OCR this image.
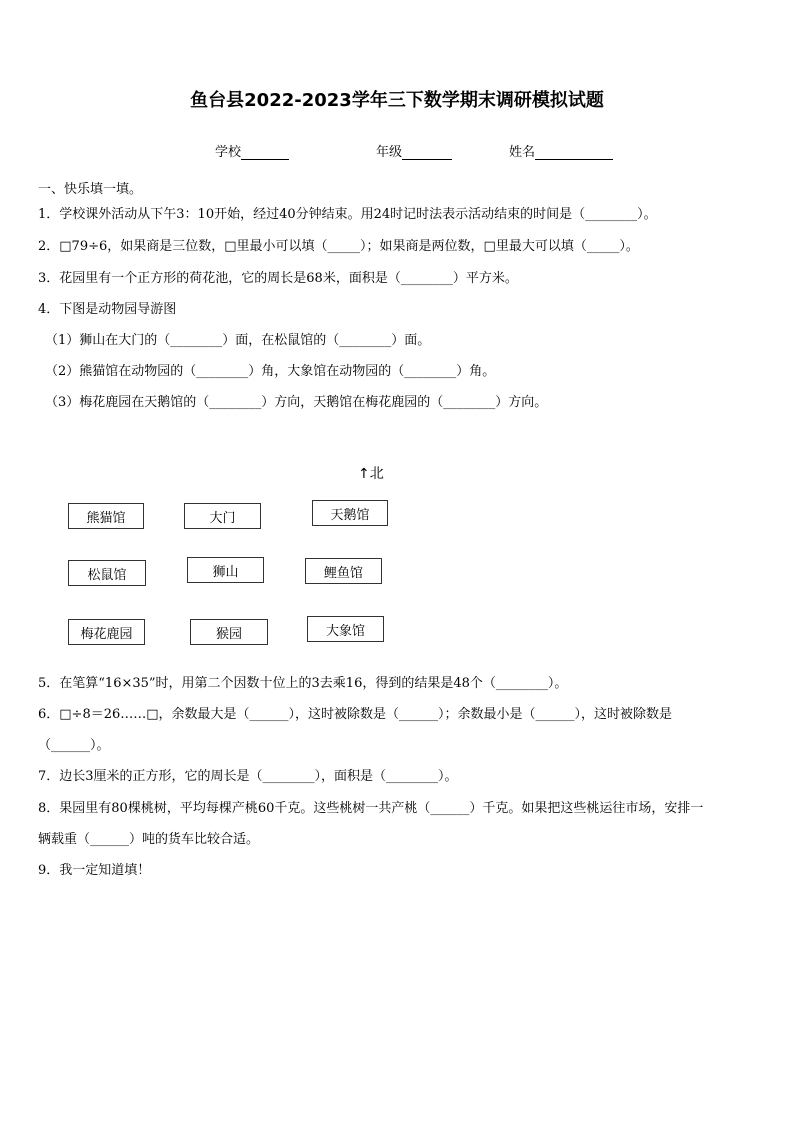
鱼台县2022-2023学年三下数学期末调研模拟试题
学校	年级	姓名
一、快乐填一填。
1．学校课外活动从下午3：10开始，经过40分钟结束。用24时记时法表示活动结束的时间是（________）。
2．□79÷6，如果商是三位数，□里最小可以填（_____）；如果商是两位数，□里最大可以填（_____）。
3．花园里有一个正方形的荷花池，它的周长是68米，面积是（________）平方米。
4．下图是动物园导游图
（1）狮山在大门的（________）面，在松鼠馆的（________）面。
（2）熊猫馆在动物园的（________）角，大象馆在动物园的（________）角。
（3）梅花鹿园在天鹅馆的（________）方向，天鹅馆在梅花鹿园的（________）方向。
↑北
熊猫馆	大门	天鹅馆
松鼠馆	狮山	鲤鱼馆
梅花鹿园	猴园	大象馆
5．在笔算“16×35”时，用第二个因数十位上的3去乘16，得到的结果是48个（________）。
6．□÷8＝26……□，余数最大是（______），这时被除数是（______）；余数最小是（______），这时被除数是
（______）。
7．边长3厘米的正方形，它的周长是（________），面积是（________）。
8．果园里有80棵桃树，平均每棵产桃60千克。这些桃树一共产桃（______）千克。如果把这些桃运往市场，安排一
辆载重（______）吨的货车比较合适。
9．我一定知道填！
